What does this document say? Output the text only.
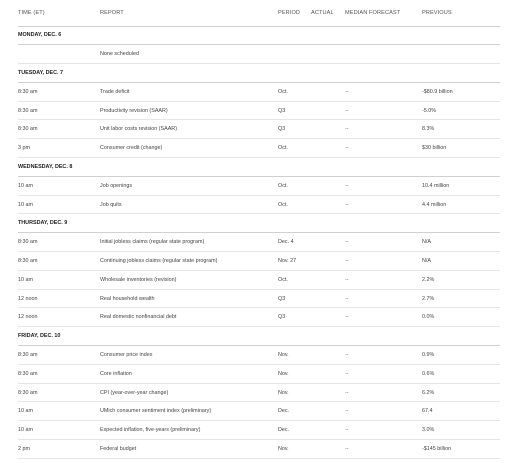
TIME (ET)	REPORT	PERIOD	ACTUAL	MEDIAN FORECAST	PREVIOUS
MONDAY, DEC. 6					
	None scheduled				
TUESDAY, DEC. 7					
8:30 am	Trade deficit	Oct.		--	-$80.9 billion
8:30 am	Productivity revision (SAAR)	Q3		--	-5.0%
8:30 am	Unit labor costs revision (SAAR)	Q3		--	8.3%
3 pm	Consumer credit (change)	Oct.		--	$30 billion
WEDNESDAY, DEC. 8					
10 am	Job openings	Oct.		--	10.4 million
10 am	Job quits	Oct.		--	4.4 million
THURSDAY, DEC. 9					
8:30 am	Initial jobless claims (regular state program)	Dec. 4		--	N/A
8:30 am	Continuing jobless claims (regular state program)	Nov. 27		--	N/A
10 am	Wholesale inventories (revision)	Oct.		--	2.2%
12 noon	Real household wealth	Q3		--	2.7%
12 noon	Real domestic nonfinancial debt	Q3		--	0.0%
FRIDAY, DEC. 10					
8:30 am	Consumer price index	Nov.		--	0.9%
8:30 am	Core inflation	Nov.		--	0.6%
8:30 am	CPI (year-over-year change)	Nov.		--	6.2%
10 am	UMich consumer sentiment index (preliminary)	Dec.		--	67.4
10 am	Expected inflation, five-years (preliminary)	Dec.		--	3.0%
2 pm	Federal budget	Nov.		--	-$145 billion
